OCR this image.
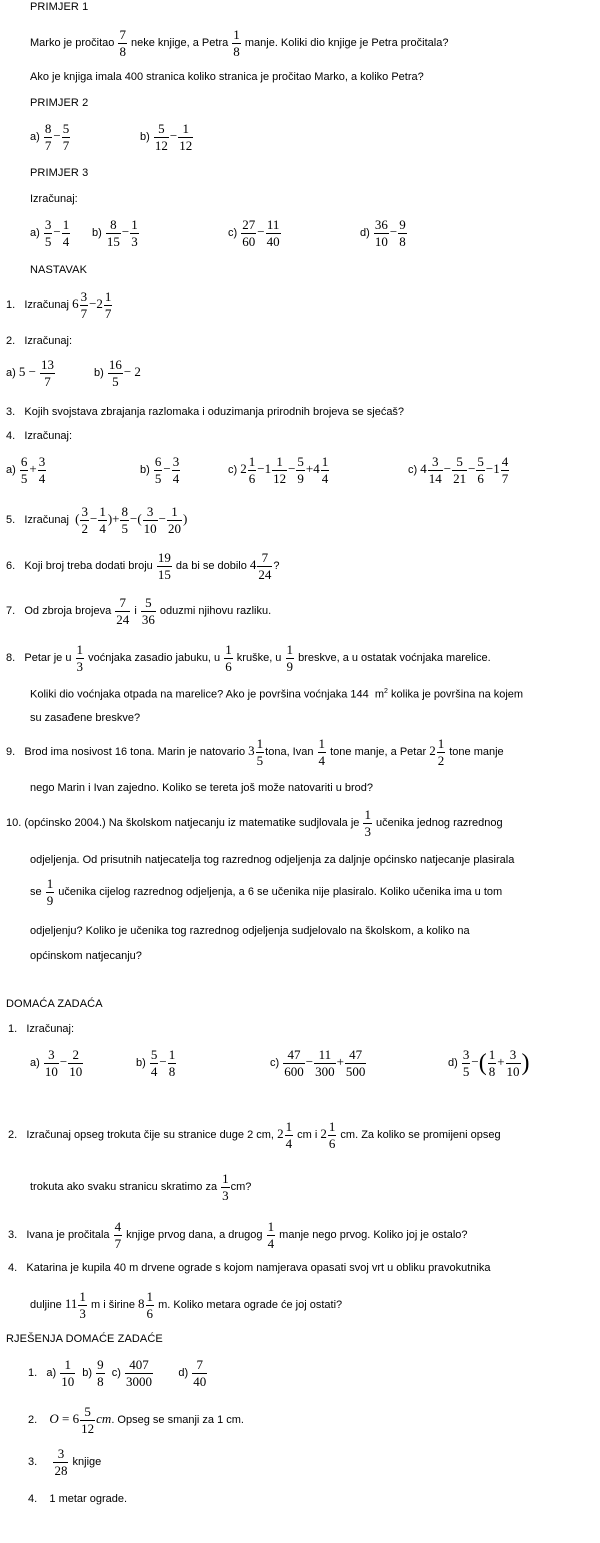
PRIMJER 1
Marko je pročitao $\frac{7}{8}$ neke knjige, a Petra $\frac{1}{8}$ manje. Koliki dio knjige je Petra pročitala?
Ako je knjiga imala 400 stranica koliko stranica je pročitao Marko, a koliko Petra?
PRIMJER 2
$a) \frac{8}{7} - \frac{5}{7}$	$b) \frac{5}{12} - \frac{1}{12}$
PRIMJER 3
Izračunaj:
$a) \frac{3}{5} - \frac{1}{4} b) \frac{8}{15} - \frac{1}{3}$	$c) \frac{27}{60} - \frac{11}{40}$	$d) \frac{36}{10} - \frac{9}{8}$
NASTAVAK
1. Izračunaj $6 \frac{3}{7} -2 \frac{1}{7}$
2. Izračunaj:
a) $5 - \frac{13}{7}$	$b) \frac{16}{5} - 2$
3. Kojih svojstava zbrajanja razlomaka i oduzimanja prirodnih brojeva se sjećaš?
4. Izračunaj:
$a) \frac{6}{5} + \frac{3}{4}$	$b) \frac{6}{5} - \frac{3}{4}$	c) $2 \frac{1}{6} -1 \frac{1}{12} - \frac{5}{9} +4 \frac{1}{4}$	c) $4 \frac{3}{14} - \frac{5}{21} - \frac{5}{6} -1 \frac{4}{7}$
5. Izračunaj ( $\frac{3}{2} - \frac{1}{4}$ )+ $\frac{8}{5}$ −( $\frac{3}{10} - \frac{1}{20}$ )
6. Koji broj treba dodati broju $\frac{19}{15}$ da bi se dobilo $4 \frac{7}{24}$ ?
7. Od zbroja brojeva $\frac{7}{24}$ i $\frac{5}{36}$ oduzmi njihovu razliku.
8. Petar je u $\frac{1}{3}$ voćnjaka zasadio jabuku, u $\frac{1}{6}$ kruške, u $\frac{1}{9}$ breskve, a u ostatak voćnjaka marelice.
Koliki dio voćnjaka otpada na marelice? Ako je površina voćnjaka 144  $m^2$ kolika je površina na kojem
su zasađene breskve?
9. Brod ima nosivost 16 tona. Marin je natovario $3 \frac{1}{5}$ tona, Ivan $\frac{1}{4}$ tone manje, a Petar $2 \frac{1}{2}$ tone manje
nego Marin i Ivan zajedno. Koliko se tereta još može natovariti u brod?
10. (općinsko 2004.) Na školskom natjecanju iz matematike sudjlovala je $\frac{1}{3}$ učenika jednog razrednog
odjeljenja. Od prisutnih natjecatelja tog razrednog odjeljenja za daljnje općinsko natjecanje plasirala
se $\frac{1}{9}$ učenika cijelog razrednog odjeljenja, a 6 se učenika nije plasiralo. Koliko učenika ima u tom
odjeljenju? Koliko je učenika tog razrednog odjeljenja sudjelovalo na školskom, a koliko na
općinskom natjecanju?
DOMAĆA ZADAĆA
1. Izračunaj:
$a) \frac{3}{10} - \frac{2}{10}$	$b) \frac{5}{4} - \frac{1}{8}$	$c) \frac{47}{600} - \frac{11}{300} + \frac{47}{500}$	$d) \frac{3}{5}$ −( $\frac{1}{8} + \frac{3}{10}$ )
2. Izračunaj opseg trokuta čije su stranice duge 2 cm, $2 \frac{1}{4}$ cm i $2 \frac{1}{6}$ cm. Za koliko se promijeni opseg
trokuta ako svaku stranicu skratimo za $\frac{1}{3}$ cm?
3. Ivana je pročitala $\frac{4}{7}$ knjige prvog dana, a drugog $\frac{1}{4}$ manje nego prvog. Koliko joj je ostalo?
4. Katarina je kupila 40 m drvene ograde s kojom namjerava opasati svoj vrt u obliku pravokutnika
duljine $11 \frac{1}{3}$ m i širine $8 \frac{1}{6} m$. Koliko metara ograde će joj ostati?
RJEŠENJA DOMAĆE ZADAĆE
1.   $a) \frac{1}{10} b) \frac{9}{8} c) \frac{407}{3000} d) \frac{7}{40}$
2.    $O = 6 \frac{5}{12}$ cm. Opseg se smanji za 1 cm.
3. $\frac{3}{28}$ knjige
4.    1 metar ograde.
